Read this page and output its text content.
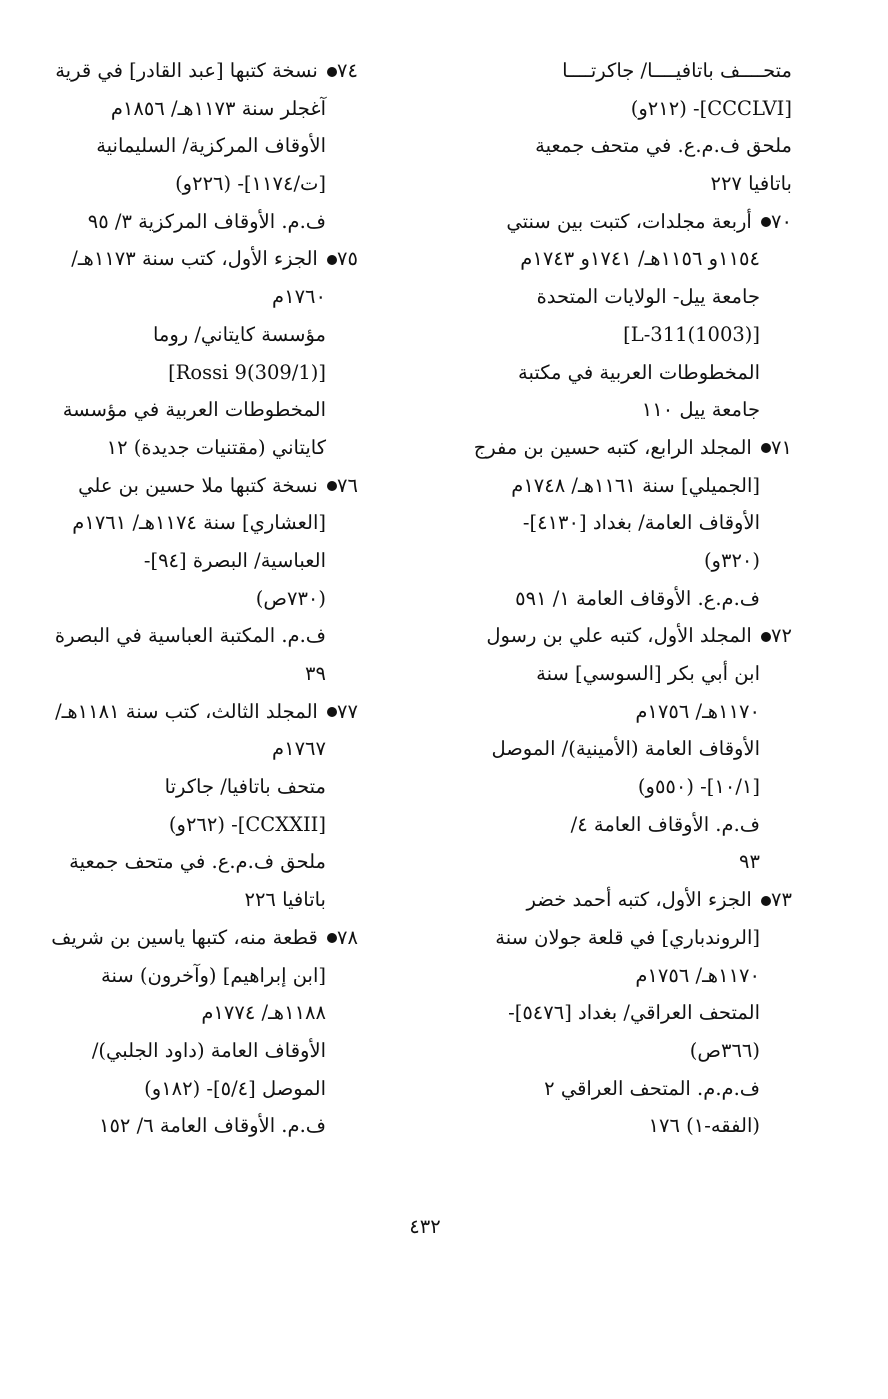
متحــــف باتافيــــا/ جاكرتــــا
[CCCLVI]- (٢١٢و)
ملحق ف.م.ع. في متحف جمعية
باتافيا ٢٢٧
٧٠ أربعة مجلدات، كتبت بين سنتي
١١٥٤و ١١٥٦هـ/ ١٧٤١و ١٧٤٣م
جامعة ييل- الولايات المتحدة
[(1003)L-311]
المخطوطات العربية في مكتبة
جامعة ييل ١١٠
٧١ المجلد الرابع، كتبه حسين بن مفرج
[الجميلي] سنة ١١٦١هـ/ ١٧٤٨م
الأوقاف العامة/ بغداد [٤١٣٠]-
(٣٢٠و)
ف.م.ع. الأوقاف العامة ١/ ٥٩١
٧٢ المجلد الأول، كتبه علي بن رسول
ابن أبي بكر [السوسي] سنة
١١٧٠هـ/ ١٧٥٦م
الأوقاف العامة (الأمينية)/ الموصل
[١٠/١]- (٥٥٠و)
ف.م. الأوقاف العامة ٤/
٩٣
٧٣ الجزء الأول، كتبه أحمد خضر
[الروندباري] في قلعة جولان سنة
١١٧٠هـ/ ١٧٥٦م
المتحف العراقي/ بغداد [٥٤٧٦]-
(٣٦٦ص)
ف.م.م. المتحف العراقي ٢
(الفقه-١) ١٧٦
٧٤ نسخة كتبها [عبد القادر] في قرية
آغجلر سنة ١١٧٣هـ/ ١٨٥٦م
الأوقاف المركزية/ السليمانية
[ت/١١٧٤]- (٢٢٦و)
ف.م. الأوقاف المركزية ٣/ ٩٥
٧٥ الجزء الأول، كتب سنة ١١٧٣هـ/
١٧٦٠م
مؤسسة كايتاني/ روما
[(309/1)Rossi 9]
المخطوطات العربية في مؤسسة
كايتاني (مقتنيات جديدة) ١٢
٧٦ نسخة كتبها ملا حسين بن علي
[العشاري] سنة ١١٧٤هـ/ ١٧٦١م
العباسية/ البصرة [٩٤]-
(٧٣٠ص)
ف.م. المكتبة العباسية في البصرة
٣٩
٧٧ المجلد الثالث، كتب سنة ١١٨١هـ/
١٧٦٧م
متحف باتافيا/ جاكرتا
[CCXXII]- (٢٦٢و)
ملحق ف.م.ع. في متحف جمعية
باتافيا ٢٢٦
٧٨ قطعة منه، كتبها ياسين بن شريف
[ابن إبراهيم] (وآخرون) سنة
١١٨٨هـ/ ١٧٧٤م
الأوقاف العامة (داود الجلبي)/
الموصل [٥/٤]- (١٨٢و)
ف.م. الأوقاف العامة ٦/ ١٥٢
٤٣٢
